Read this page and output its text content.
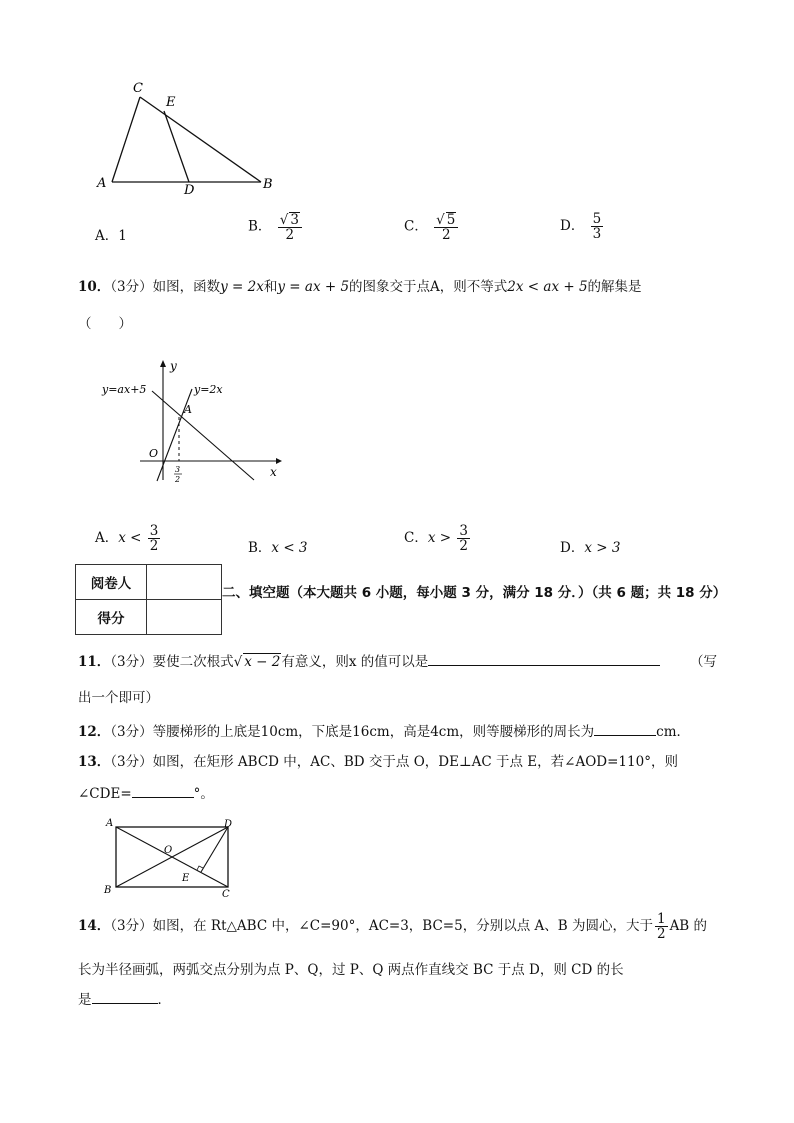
C
E
A	D	B
A．1
B． $\frac{√ 3}{2}$	C． $\frac{√ 5}{2}$	D． $\frac{5}{3}$
10．（3分）如图，函数y = 2x和y = ax + 5的图象交于点A，则不等式2x < ax + 5的解集是
（　　）
y
x
O
A
y=ax+5	y=2x
3
2
A．$x < \frac{3}{2}$	B．x < 3
C．$x > \frac{3}{2}$	D．x > 3
阅卷人	
得分	
二、填空题（本大题共 6 小题，每小题 3 分，满分 18 分．）（共 6 题；共 18 分）
11．（3分）要使二次根式√ x − 2有意义，则x 的值可以是	（写
出一个即可）
12．（3分）等腰梯形的上底是10cm，下底是16cm，高是4cm，则等腰梯形的周长为	cm．
13．（3分）如图，在矩形 ABCD 中，AC、BD 交于点 O，DE⊥AC 于点 E，若∠AOD=110°，则
∠CDE=	°。
A	D
O
E
B	C
14．（3分）如图，在 Rt△ABC 中，∠C=90°，AC=3，BC=5，分别以点 A、B 为圆心，大于 $\frac{1}{2}$ AB 的
长为半径画弧，两弧交点分别为点 P、Q，过 P、Q 两点作直线交 BC 于点 D，则 CD 的长
是	．
